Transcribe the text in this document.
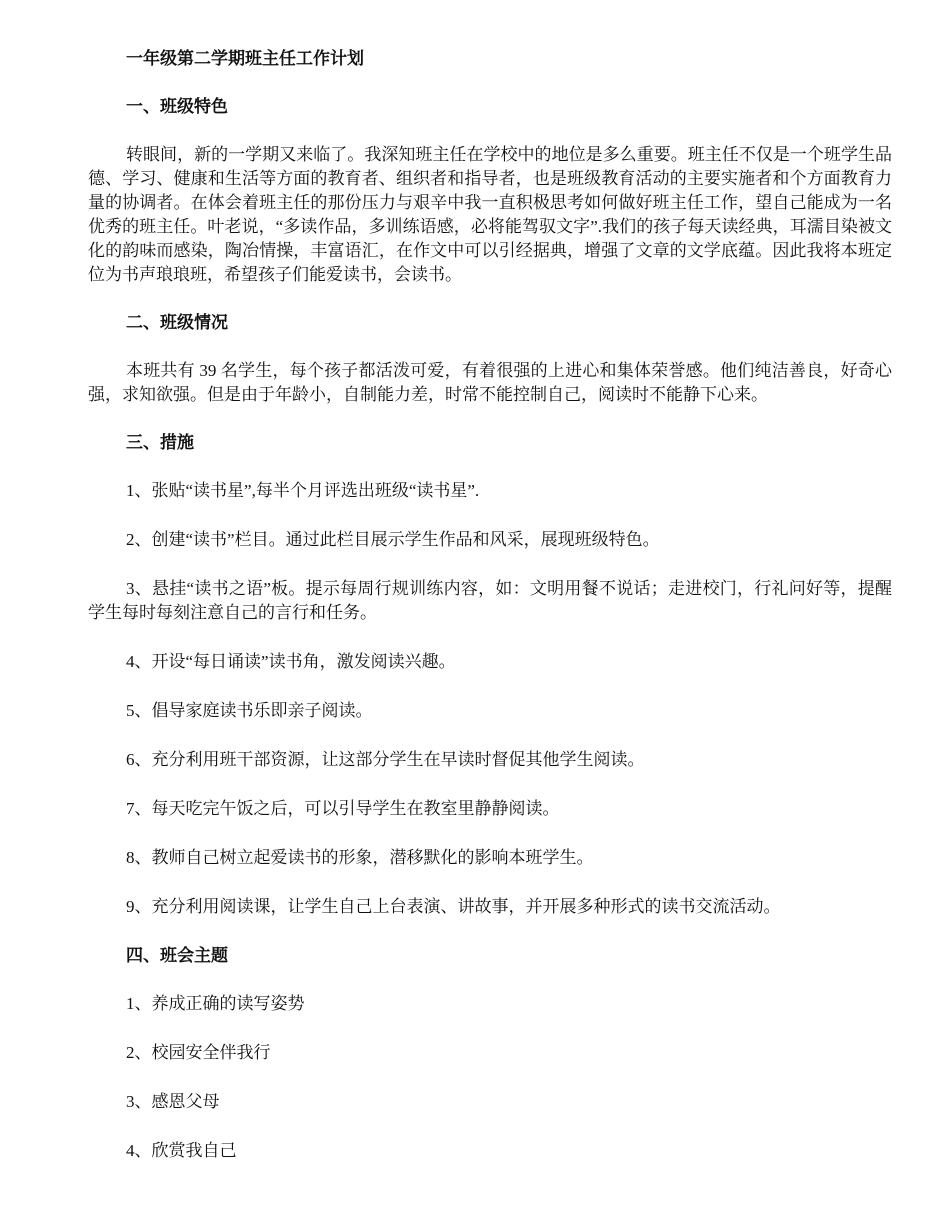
一年级第二学期班主任工作计划
一、班级特色
转眼间，新的一学期又来临了。我深知班主任在学校中的地位是多么重要。班主任不仅是一个班学生品德、学习、健康和生活等方面的教育者、组织者和指导者，也是班级教育活动的主要实施者和个方面教育力量的协调者。在体会着班主任的那份压力与艰辛中我一直积极思考如何做好班主任工作，望自己能成为一名优秀的班主任。叶老说，“多读作品，多训练语感，必将能驾驭文字”.我们的孩子每天读经典，耳濡目染被文化的韵味而感染，陶冶情操，丰富语汇，在作文中可以引经据典，增强了文章的文学底蕴。因此我将本班定位为书声琅琅班，希望孩子们能爱读书，会读书。
二、班级情况
本班共有 39 名学生，每个孩子都活泼可爱，有着很强的上进心和集体荣誉感。他们纯洁善良，好奇心强，求知欲强。但是由于年龄小，自制能力差，时常不能控制自己，阅读时不能静下心来。
三、措施
1、张贴“读书星”,每半个月评选出班级“读书星”.
2、创建“读书”栏目。通过此栏目展示学生作品和风采，展现班级特色。
3、悬挂“读书之语”板。提示每周行规训练内容，如：文明用餐不说话；走进校门，行礼问好等，提醒学生每时每刻注意自己的言行和任务。
4、开设“每日诵读”读书角，激发阅读兴趣。
5、倡导家庭读书乐即亲子阅读。
6、充分利用班干部资源，让这部分学生在早读时督促其他学生阅读。
7、每天吃完午饭之后，可以引导学生在教室里静静阅读。
8、教师自己树立起爱读书的形象，潜移默化的影响本班学生。
9、充分利用阅读课，让学生自己上台表演、讲故事，并开展多种形式的读书交流活动。
四、班会主题
1、养成正确的读写姿势
2、校园安全伴我行
3、感恩父母
4、欣赏我自己
